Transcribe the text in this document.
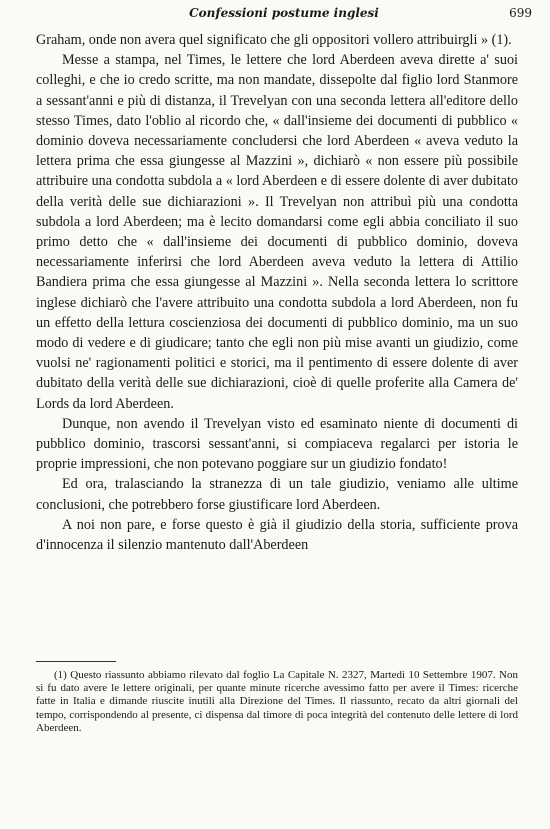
Confessioni postume inglesi	699

Graham, onde non avera quel significato che gli oppositori vollero attribuirgli » (1).

Messe a stampa, nel Times, le lettere che lord Aberdeen aveva dirette a' suoi colleghi, e che io credo scritte, ma non mandate, dissepolte dal figlio lord Stanmore a sessant'anni e più di distanza, il Trevelyan con una seconda lettera all'editore dello stesso Times, dato l'oblio al ricordo che, « dall'insieme dei documenti di pubblico « dominio doveva necessariamente concludersi che lord Aberdeen « aveva veduto la lettera prima che essa giungesse al Mazzini », dichiarò « non essere più possibile attribuire una condotta subdola a « lord Aberdeen e di essere dolente di aver dubitato della verità delle sue dichiarazioni ». Il Trevelyan non attribuì più una condotta subdola a lord Aberdeen; ma è lecito domandarsi come egli abbia conciliato il suo primo detto che « dall'insieme dei documenti di pubblico dominio, doveva necessariamente inferirsi che lord Aberdeen aveva veduto la lettera di Attilio Bandiera prima che essa giungesse al Mazzini ». Nella seconda lettera lo scrittore inglese dichiarò che l'avere attribuito una condotta subdola a lord Aberdeen, non fu un effetto della lettura coscienziosa dei documenti di pubblico dominio, ma un suo modo di vedere e di giudicare; tanto che egli non più mise avanti un giudizio, come vuolsi ne' ragionamenti politici e storici, ma il pentimento di essere dolente di aver dubitato della verità delle sue dichiarazioni, cioè di quelle proferite alla Camera de' Lords da lord Aberdeen.

Dunque, non avendo il Trevelyan visto ed esaminato niente di documenti di pubblico dominio, trascorsi sessant'anni, si compiaceva regalarci per istoria le proprie impressioni, che non potevano poggiare sur un giudizio fondato!

Ed ora, tralasciando la stranezza di un tale giudizio, veniamo alle ultime conclusioni, che potrebbero forse giustificare lord Aberdeen.

A noi non pare, e forse questo è già il giudizio della storia, sufficiente prova d'innocenza il silenzio mantenuto dall'Aberdeen

(1) Questo riassunto abbiamo rilevato dal foglio La Capitale N. 2327, Martedì 10 Settembre 1907. Non si fu dato avere le lettere originali, per quante minute ricerche avessimo fatto per avere il Times: ricerche fatte in Italia e dimande riuscite inutili alla Direzione del Times. Il riassunto, recato da altri giornali del tempo, corrispondendo al presente, ci dispensa dal timore di poca integrità del contenuto delle lettere di lord Aberdeen.
